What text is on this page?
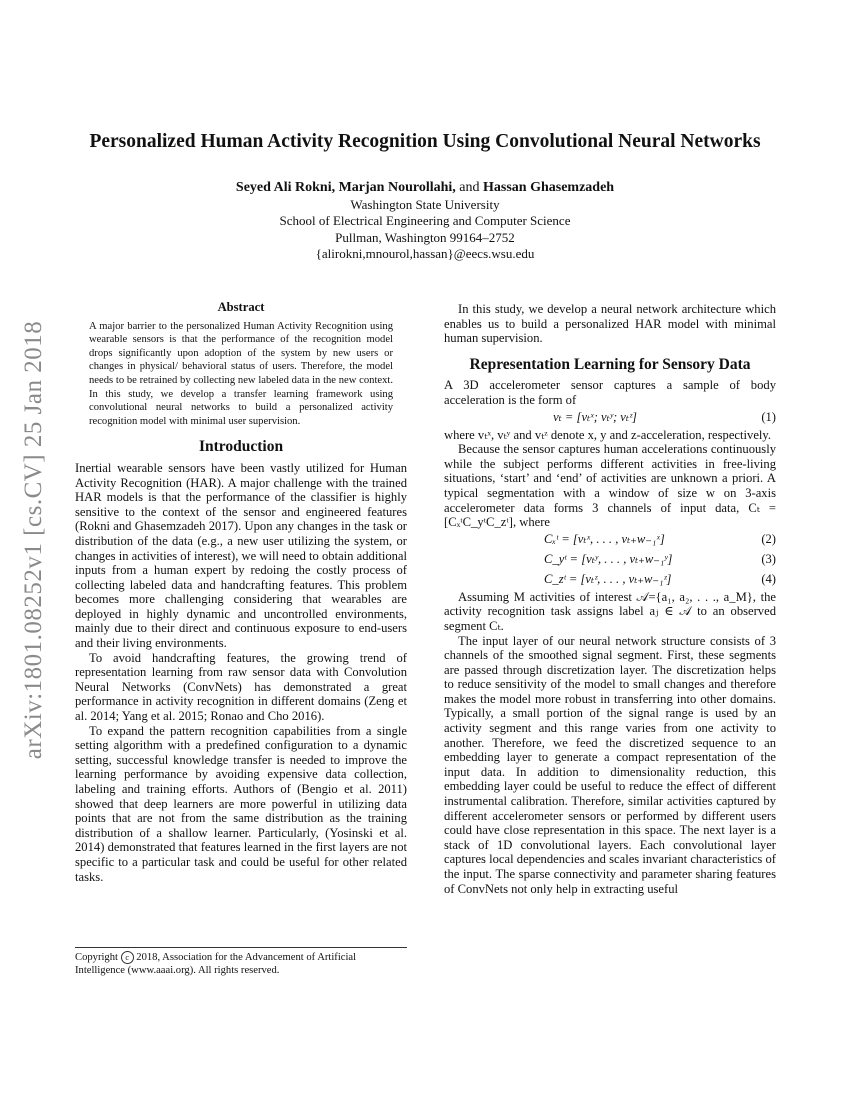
arXiv:1801.08252v1 [cs.CV] 25 Jan 2018
Personalized Human Activity Recognition Using Convolutional Neural Networks
Seyed Ali Rokni, Marjan Nourollahi, and Hassan Ghasemzadeh
Washington State University
School of Electrical Engineering and Computer Science
Pullman, Washington 99164–2752
{alirokni,mnourol,hassan}@eecs.wsu.edu
Abstract

A major barrier to the personalized Human Activity Recognition using wearable sensors is that the performance of the recognition model drops significantly upon adoption of the system by new users or changes in physical/ behavioral status of users. Therefore, the model needs to be retrained by collecting new labeled data in the new context. In this study, we develop a transfer learning framework using convolutional neural networks to build a personalized activity recognition model with minimal user supervision.

Introduction

Inertial wearable sensors have been vastly utilized for Human Activity Recognition (HAR). A major challenge with the trained HAR models is that the performance of the classifier is highly sensitive to the context of the sensor and engineered features (Rokni and Ghasemzadeh 2017). Upon any changes in the task or distribution of the data (e.g., a new user utilizing the system, or changes in activities of interest), we will need to obtain additional inputs from a human expert by redoing the costly process of collecting labeled data and handcrafting features. This problem becomes more challenging considering that wearables are deployed in highly dynamic and uncontrolled environments, mainly due to their direct and continuous exposure to end-users and their living environments.

To avoid handcrafting features, the growing trend of representation learning from raw sensor data with Convolution Neural Networks (ConvNets) has demonstrated a great performance in activity recognition in different domains (Zeng et al. 2014; Yang et al. 2015; Ronao and Cho 2016).

To expand the pattern recognition capabilities from a single setting algorithm with a predefined configuration to a dynamic setting, successful knowledge transfer is needed to improve the learning performance by avoiding expensive data collection, labeling and training efforts. Authors of (Bengio et al. 2011) showed that deep learners are more powerful in utilizing data points that are not from the same distribution as the training distribution of a shallow learner. Particularly, (Yosinski et al. 2014) demonstrated that features learned in the first layers are not specific to a particular task and could be useful for other related tasks.

Copyright c 2018, Association for the Advancement of Artificial Intelligence (www.aaai.org). All rights reserved.

In this study, we develop a neural network architecture which enables us to build a personalized HAR model with minimal human supervision.

Representation Learning for Sensory Data

A 3D accelerometer sensor captures a sample of body acceleration is the form of

vₜ = [vₜˣ; vₜʸ; vₜᶻ]	(1)

where vₜˣ, vₜʸ and vₜᶻ denote x, y and z-acceleration, respectively.

Because the sensor captures human accelerations continuously while the subject performs different activities in free-living situations, ‘start’ and ‘end’ of activities are unknown a priori. A typical segmentation with a window of size w on 3-axis accelerometer data forms 3 channels of input data, Cₜ = [CₓᵗC_yᵗC_zᵗ], where

Cₓᵗ = [vₜˣ, . . . , vₜ₊w₋₁ˣ]	(2)
C_yᵗ = [vₜʸ, . . . , vₜ₊w₋₁ʸ]	(3)
C_zᵗ = [vₜᶻ, . . . , vₜ₊w₋₁ᶻ]	(4)

Assuming M activities of interest 𝒜={a₁, a₂, . . ., a_M}, the activity recognition task assigns label aⱼ ∈ 𝒜 to an observed segment Cₜ.

The input layer of our neural network structure consists of 3 channels of the smoothed signal segment. First, these segments are passed through discretization layer. The discretization helps to reduce sensitivity of the model to small changes and therefore makes the model more robust in transferring into other domains. Typically, a small portion of the signal range is used by an activity segment and this range varies from one activity to another. Therefore, we feed the discretized sequence to an embedding layer to generate a compact representation of the input data. In addition to dimensionality reduction, this embedding layer could be useful to reduce the effect of different instrumental calibration. Therefore, similar activities captured by different accelerometer sensors or performed by different users could have close representation in this space. The next layer is a stack of 1D convolutional layers. Each convolutional layer captures local dependencies and scales invariant characteristics of the input. The sparse connectivity and parameter sharing features of ConvNets not only help in extracting useful
